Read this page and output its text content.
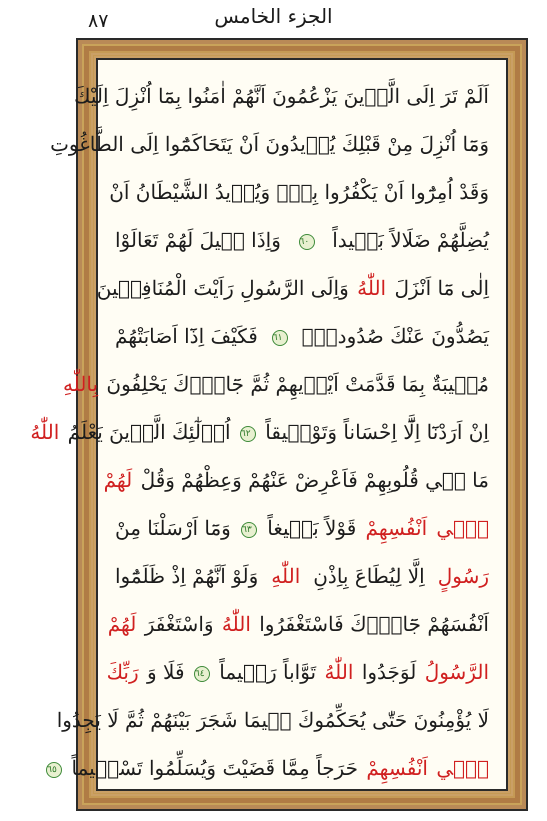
٨٧	الجزء الخامس
اَلَمْ تَرَ اِلَى الَّذ۪ينَ يَزْعُمُونَ اَنَّهُمْ اٰمَنُوا بِمَٓا اُنْزِلَ اِلَيْكَ
وَمَٓا اُنْزِلَ مِنْ قَبْلِكَ يُر۪يدُونَ اَنْ يَتَحَاكَمُٓوا اِلَى الطَّاغُوتِ
وَقَدْ اُمِرُٓوا اَنْ يَكْفُرُوا بِه۪ۜ وَيُر۪يدُ الشَّيْطَانُ اَنْ
يُضِلَّهُمْ ضَلَالاً بَع۪يداً ٦٠ وَاِذَا ق۪يلَ لَهُمْ تَعَالَوْا
اِلٰى مَٓا اَنْزَلَ اللّٰهُ وَاِلَى الرَّسُولِ رَاَيْتَ الْمُنَافِق۪ينَ
يَصُدُّونَ عَنْكَ صُدُوداًۚ ٦١ فَكَيْفَ اِذَٓا اَصَابَتْهُمْ
مُص۪يبَةٌ بِمَا قَدَّمَتْ اَيْد۪يهِمْ ثُمَّ جَٓاؤُ۫كَ يَحْلِفُونَ بِاللّٰهِ
اِنْ اَرَدْنَٓا اِلَّٓا اِحْسَاناً وَتَوْف۪يقاً ٦٢ اُو۬لٰٓئِكَ الَّذ۪ينَ يَعْلَمُ اللّٰهُ
مَا ف۪ي قُلُوبِهِمْ فَاَعْرِضْ عَنْهُمْ وَعِظْهُمْ وَقُلْ لَهُمْ
ف۪ٓي اَنْفُسِهِمْ قَوْلاً بَل۪يغاً ٦٣ وَمَٓا اَرْسَلْنَا مِنْ
رَسُولٍ اِلَّا لِيُطَاعَ بِاِذْنِ اللّٰهِ وَلَوْ اَنَّهُمْ اِذْ ظَلَمُٓوا
اَنْفُسَهُمْ جَٓاؤُ۫كَ فَاسْتَغْفَرُوا اللّٰهُ وَاسْتَغْفَرَ لَهُمْ
الرَّسُولُ لَوَجَدُوا اللّٰهُ تَوَّاباً رَح۪يماً ٦٤ فَلَا وَ رَبِّكَ
لَا يُؤْمِنُونَ حَتّٰى يُحَكِّمُوكَ ف۪يمَا شَجَرَ بَيْنَهُمْ ثُمَّ لَا يَجِدُوا
ف۪ٓي اَنْفُسِهِمْ حَرَجاً مِمَّا قَضَيْتَ وَيُسَلِّمُوا تَسْل۪يماً ٦٥
